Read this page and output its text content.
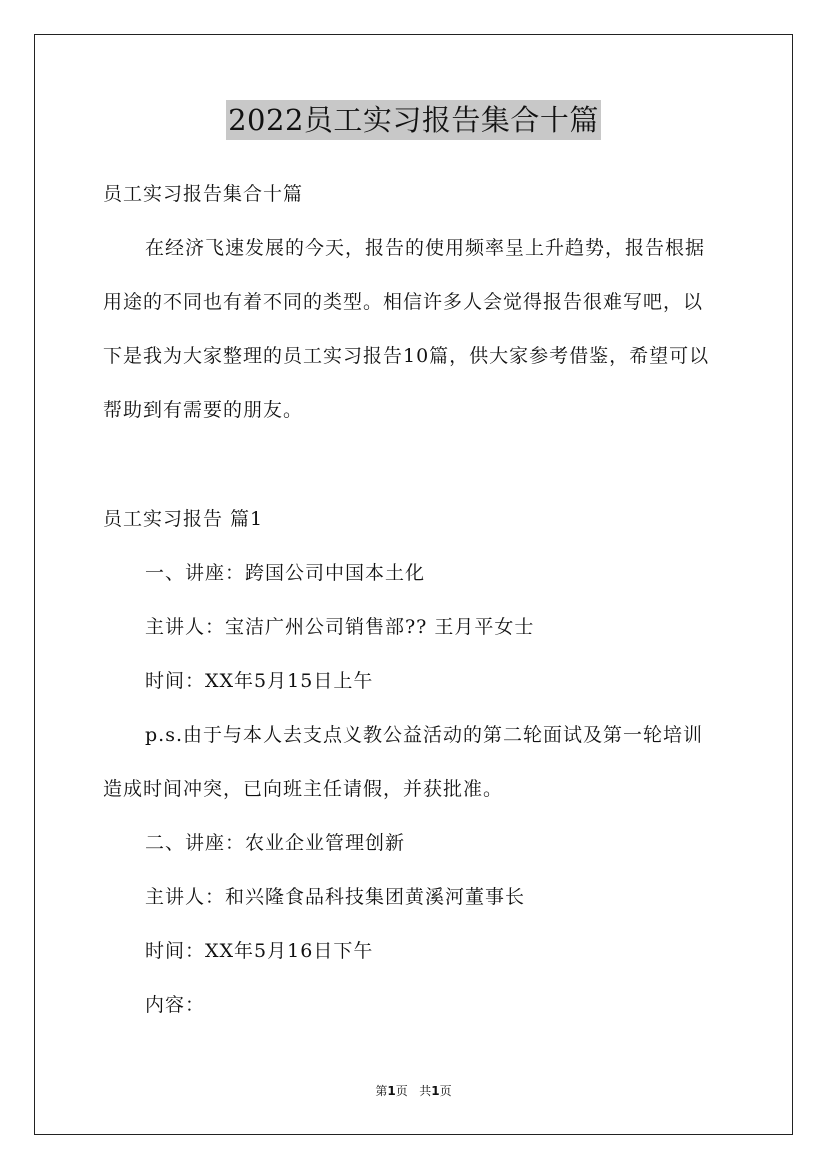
2022员工实习报告集合十篇
员工实习报告集合十篇
在经济飞速发展的今天，报告的使用频率呈上升趋势，报告根据
用途的不同也有着不同的类型。相信许多人会觉得报告很难写吧，以
下是我为大家整理的员工实习报告10篇，供大家参考借鉴，希望可以
帮助到有需要的朋友。
员工实习报告 篇1
一、讲座：跨国公司中国本土化
主讲人：宝洁广州公司销售部?? 王月平女士
时间：XX年5月15日上午
p.s.由于与本人去支点义教公益活动的第二轮面试及第一轮培训
造成时间冲突，已向班主任请假，并获批准。
二、讲座：农业企业管理创新
主讲人：和兴隆食品科技集团黄溪河董事长
时间：XX年5月16日下午
内容：
第1页 共1页
